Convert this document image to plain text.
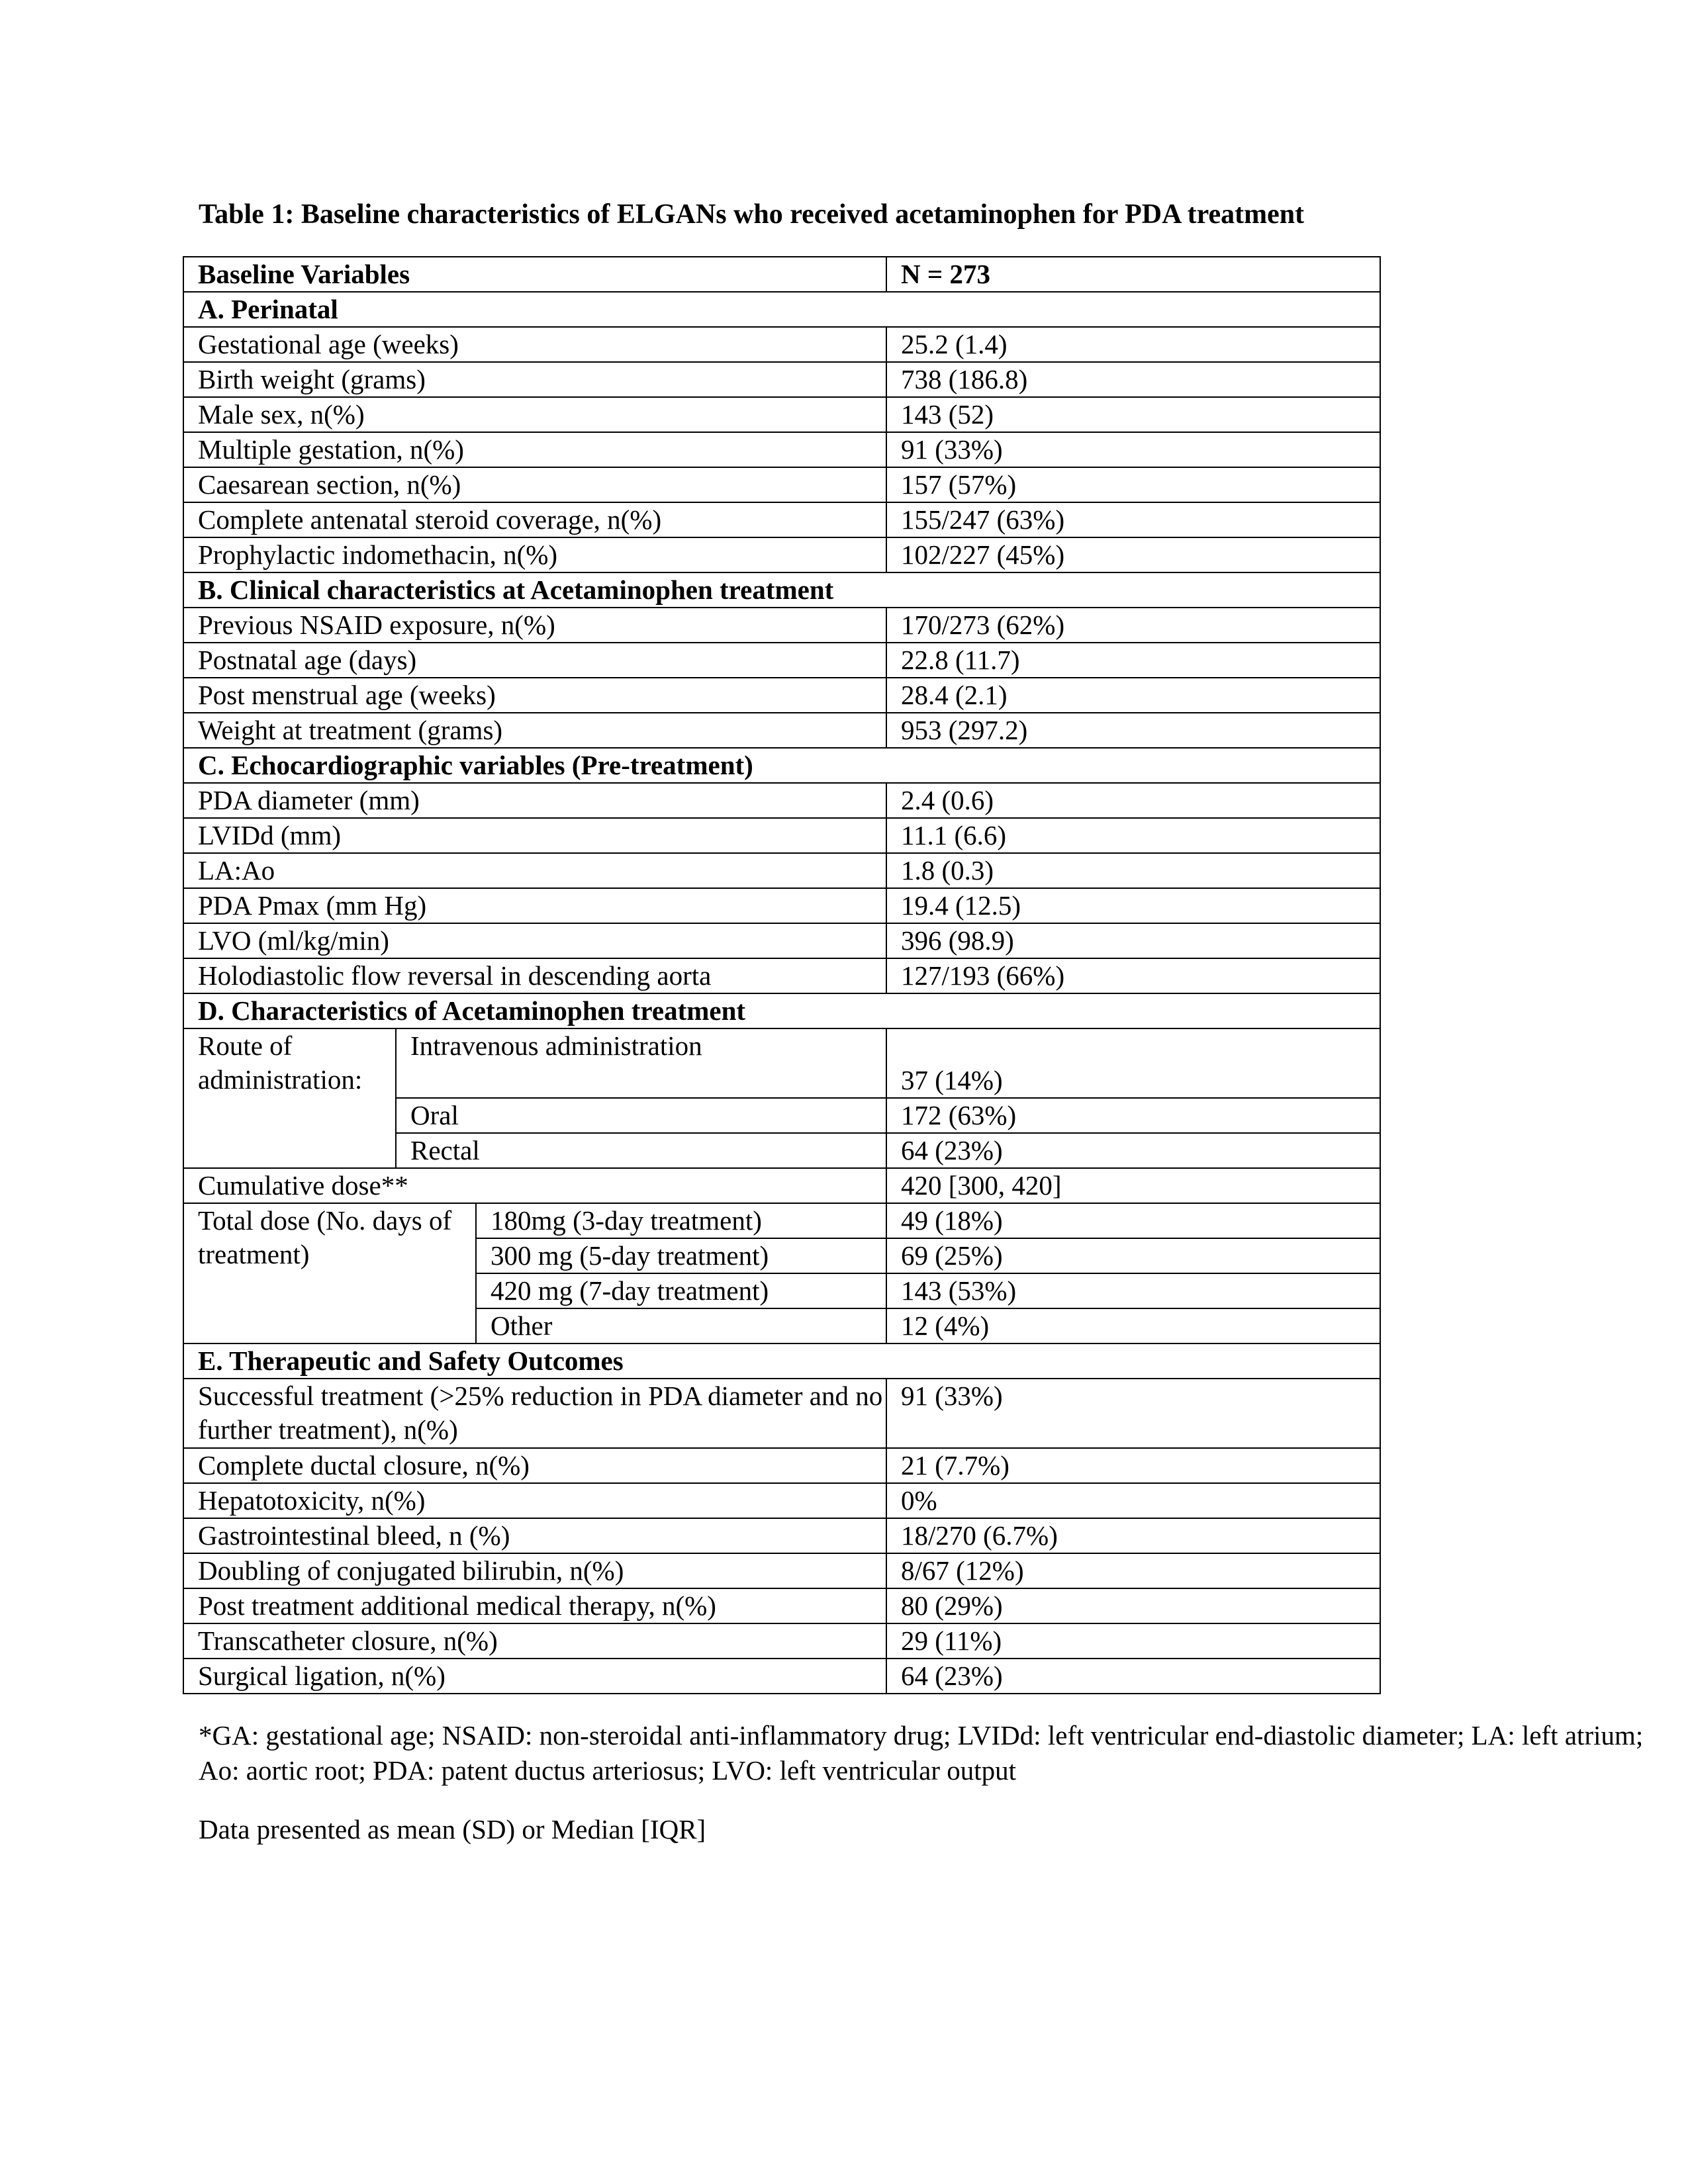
Table 1: Baseline characteristics of ELGANs who received acetaminophen for PDA treatment
Baseline Variables			N = 273
A. Perinatal			
Gestational age (weeks)			25.2 (1.4)
Birth weight (grams)			738 (186.8)
Male sex, n(%)			143 (52)
Multiple gestation, n(%)			91 (33%)
Caesarean section, n(%)			157 (57%)
Complete antenatal steroid coverage, n(%)			155/247 (63%)
Prophylactic indomethacin, n(%)			102/227 (45%)
B. Clinical characteristics at Acetaminophen treatment			
Previous NSAID exposure, n(%)			170/273 (62%)
Postnatal age (days)			22.8 (11.7)
Post menstrual age (weeks)			28.4 (2.1)
Weight at treatment (grams)			953 (297.2)
C. Echocardiographic variables (Pre-treatment)			
PDA diameter (mm)			2.4 (0.6)
LVIDd (mm)			11.1 (6.6)
LA:Ao			1.8 (0.3)
PDA Pmax (mm Hg)			19.4 (12.5)
LVO (ml/kg/min)			396 (98.9)
Holodiastolic flow reversal in descending aorta			127/193 (66%)
D. Characteristics of Acetaminophen treatment			
Route of administration:	Intravenous administration		37 (14%)
	Oral		172 (63%)
	Rectal		64 (23%)
Cumulative dose**			420 [300, 420]
Total dose (No. days of treatment)		180mg (3-day treatment)	49 (18%)
		300 mg (5-day treatment)	69 (25%)
		420 mg (7-day treatment)	143 (53%)
		Other	12 (4%)
E. Therapeutic and Safety Outcomes			
Successful treatment (>25% reduction in PDA diameter and no further treatment), n(%)			91 (33%)
Complete ductal closure, n(%)			21 (7.7%)
Hepatotoxicity, n(%)			0%
Gastrointestinal bleed, n (%)			18/270 (6.7%)
Doubling of conjugated bilirubin, n(%)			8/67 (12%)
Post treatment additional medical therapy, n(%)			80 (29%)
Transcatheter closure, n(%)			29 (11%)
Surgical ligation, n(%)			64 (23%)
*GA: gestational age; NSAID: non-steroidal anti-inflammatory drug; LVIDd: left ventricular end-diastolic diameter; LA: left atrium; Ao: aortic root; PDA: patent ductus arteriosus; LVO: left ventricular output
Data presented as mean (SD) or Median [IQR]
